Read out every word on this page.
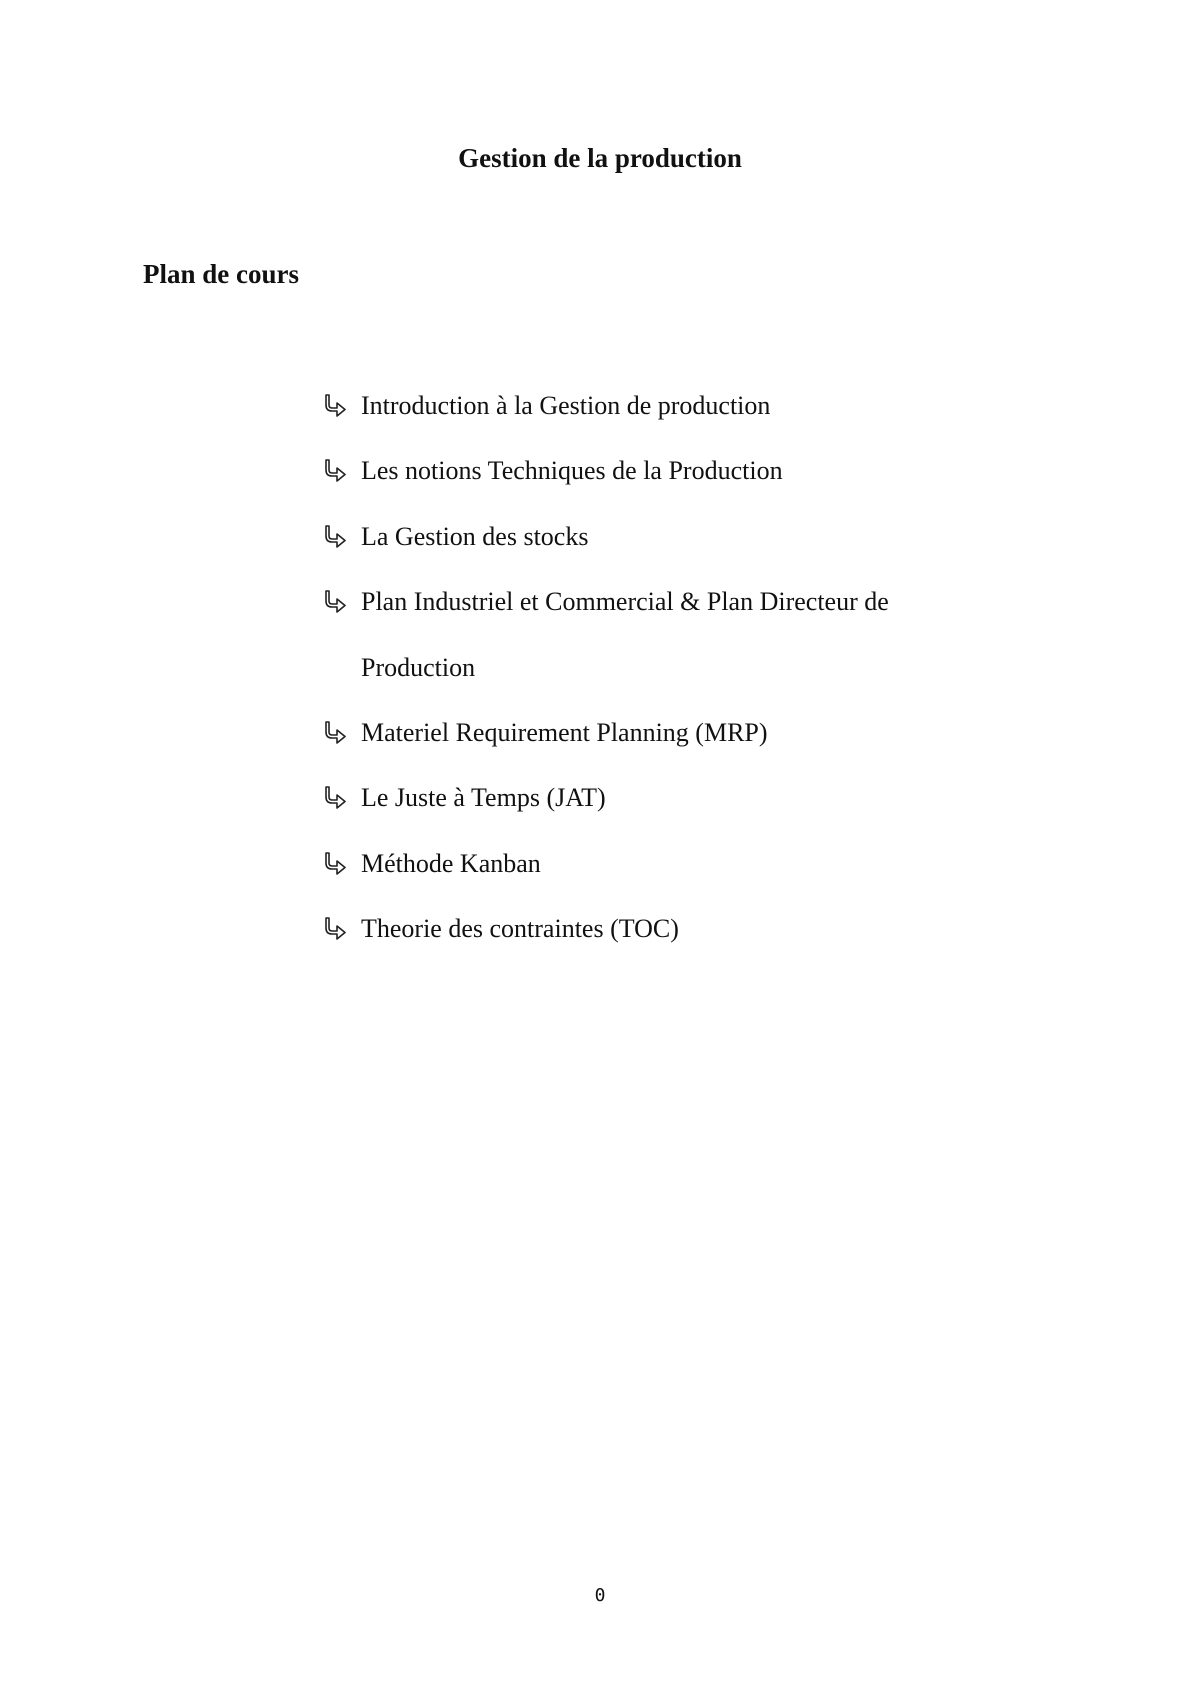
Gestion de la production
Plan de cours
Introduction à la Gestion de production
Les notions Techniques de la Production
La Gestion des stocks
Plan Industriel et Commercial & Plan Directeur de Production
Materiel Requirement Planning (MRP)
Le Juste à Temps (JAT)
Méthode Kanban
Theorie des contraintes (TOC)
0
